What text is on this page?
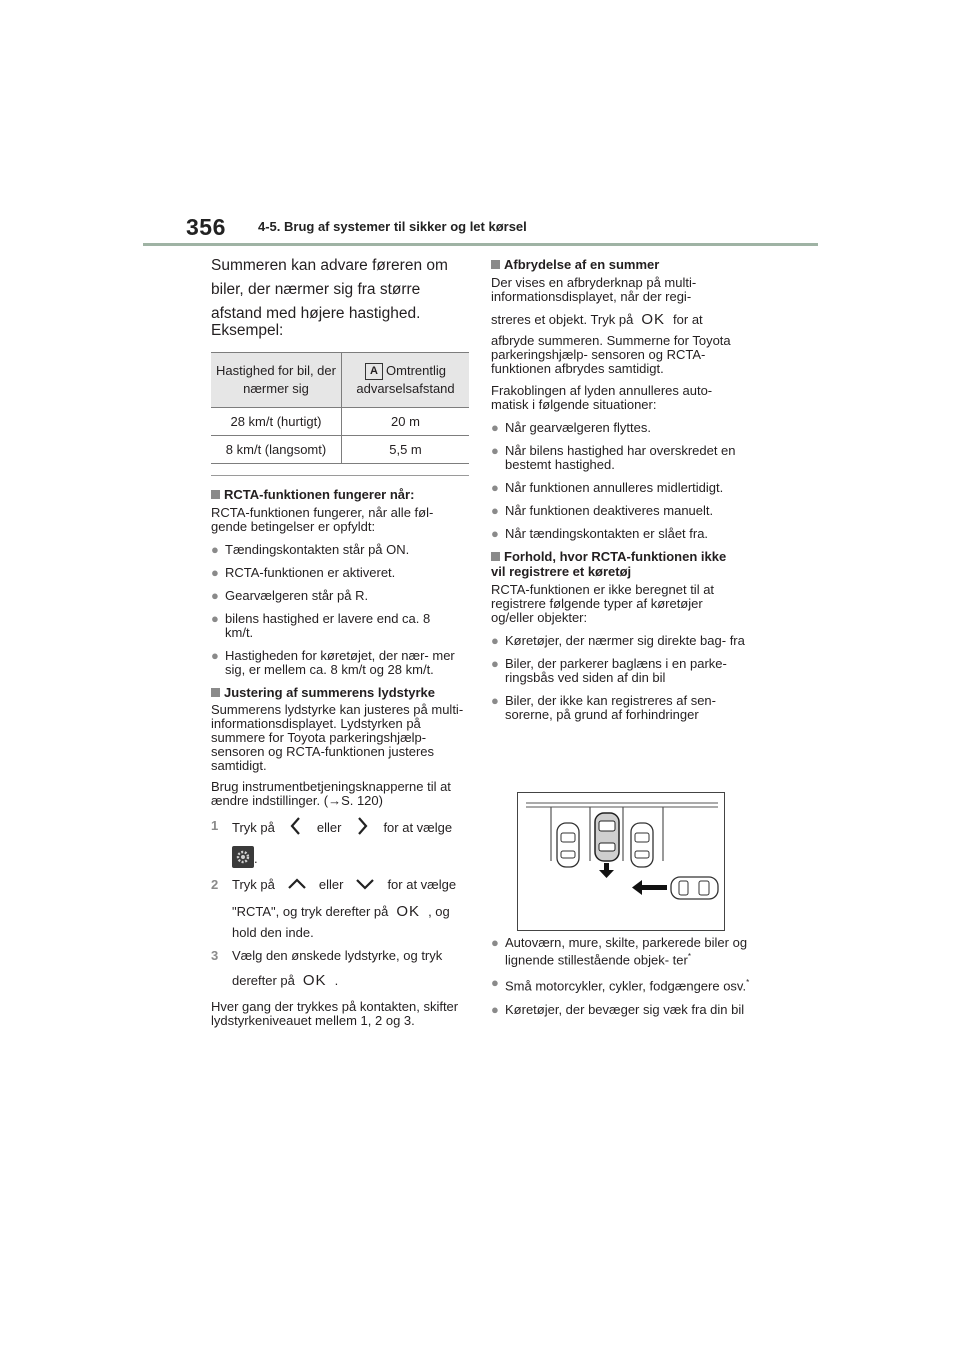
356 4-5. Brug af systemer til sikker og let kørsel
Summeren kan advare føreren om biler, der nærmer sig fra større afstand med højere hastighed.
Eksempel:
Hastighed for bil, der nærmer sig	A Omtrentlig advarselsafstand
28 km/t (hurtigt)	20 m
8 km/t (langsomt)	5,5 m
RCTA-funktionen fungerer når:
RCTA-funktionen fungerer, når alle føl- gende betingelser er opfyldt:
● Tændingskontakten står på ON.
● RCTA-funktionen er aktiveret.
● Gearvælgeren står på R.
● bilens hastighed er lavere end ca. 8 km/t.
● Hastigheden for køretøjet, der nær- mer sig, er mellem ca. 8 km/t og 28 km/t.
Justering af summerens lydstyrke
Summerens lydstyrke kan justeres på multi-informationsdisplayet. Lydstyrken på summere for Toyota parkeringshjælp- sensoren og RCTA-funktionen justeres samtidigt.
Brug instrumentbetjeningsknapperne til at ændre indstillinger. (→S. 120)
1 Tryk på	eller	for at vælge
.
2 Tryk på	eller	for at vælge
"RCTA", og tryk derefter på OK , og
hold den inde.
3 Vælg den ønskede lydstyrke, og tryk
derefter på OK .
Hver gang der trykkes på kontakten, skifter lydstyrkeniveauet mellem 1, 2 og 3.
Afbrydelse af en summer
Der vises en afbryderknap på multi-informationsdisplayet, når der regi-
streres et objekt. Tryk på OK for at
afbryde summeren. Summerne for Toyota parkeringshjælp- sensoren og RCTA-funktionen afbrydes samtidigt.
Frakoblingen af lyden annulleres auto- matisk i følgende situationer:
● Når gearvælgeren flyttes.
● Når bilens hastighed har overskredet en bestemt hastighed.
● Når funktionen annulleres midlertidigt.
● Når funktionen deaktiveres manuelt.
● Når tændingskontakten er slået fra.
Forhold, hvor RCTA-funktionen ikke vil registrere et køretøj
RCTA-funktionen er ikke beregnet til at registrere følgende typer af køretøjer og/eller objekter:
● Køretøjer, der nærmer sig direkte bag- fra
● Biler, der parkerer baglæns i en parke- ringsbås ved siden af din bil
● Biler, der ikke kan registreres af sen- sorerne, på grund af forhindringer
● Autoværn, mure, skilte, parkerede biler og lignende stillestående objek- ter*
● Små motorcykler, cykler, fodgængere osv.*
● Køretøjer, der bevæger sig væk fra din bil
